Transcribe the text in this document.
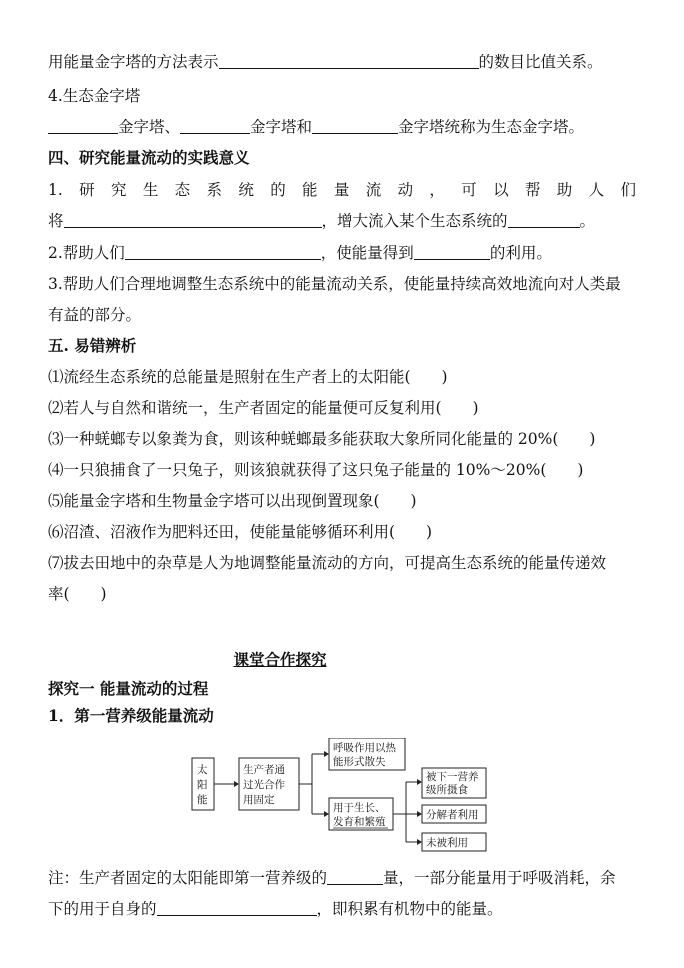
用能量金字塔的方法表示	的数目比值关系。
4.生态金字塔
金字塔、	金字塔和	金字塔统称为生态金字塔。
四、研究能量流动的实践意义
1. 研 究 生 态 系 统 的 能 量 流 动 ， 可 以 帮 助 人 们
将	，增大流入某个生态系统的	。
2.帮助人们	，使能量得到	的利用。
3.帮助人们合理地调整生态系统中的能量流动关系，使能量持续高效地流向对人类最
有益的部分。
五. 易错辨析
⑴流经生态系统的总能量是照射在生产者上的太阳能(　　)
⑵若人与自然和谐统一，生产者固定的能量便可反复利用(　　)
⑶一种蜣螂专以象粪为食，则该种蜣螂最多能获取大象所同化能量的 20%(　　)
⑷一只狼捕食了一只兔子，则该狼就获得了这只兔子能量的 10%～20%(　　)
⑸能量金字塔和生物量金字塔可以出现倒置现象(　　)
⑹沼渣、沼液作为肥料还田，使能量能够循环利用(　　)
⑺拔去田地中的杂草是人为地调整能量流动的方向，可提高生态系统的能量传递效
率(　　)
课堂合作探究
探究一 能量流动的过程
1．第一营养级能量流动
太
阳
能
生产者通
过光合作
用固定
呼吸作用以热
能形式散失
用于生长、
发育和繁殖
被下一营养
级所摄食
分解者利用
未被利用
注：生产者固定的太阳能即第一营养级的	量，一部分能量用于呼吸消耗，余
下的用于自身的	，即积累有机物中的能量。
